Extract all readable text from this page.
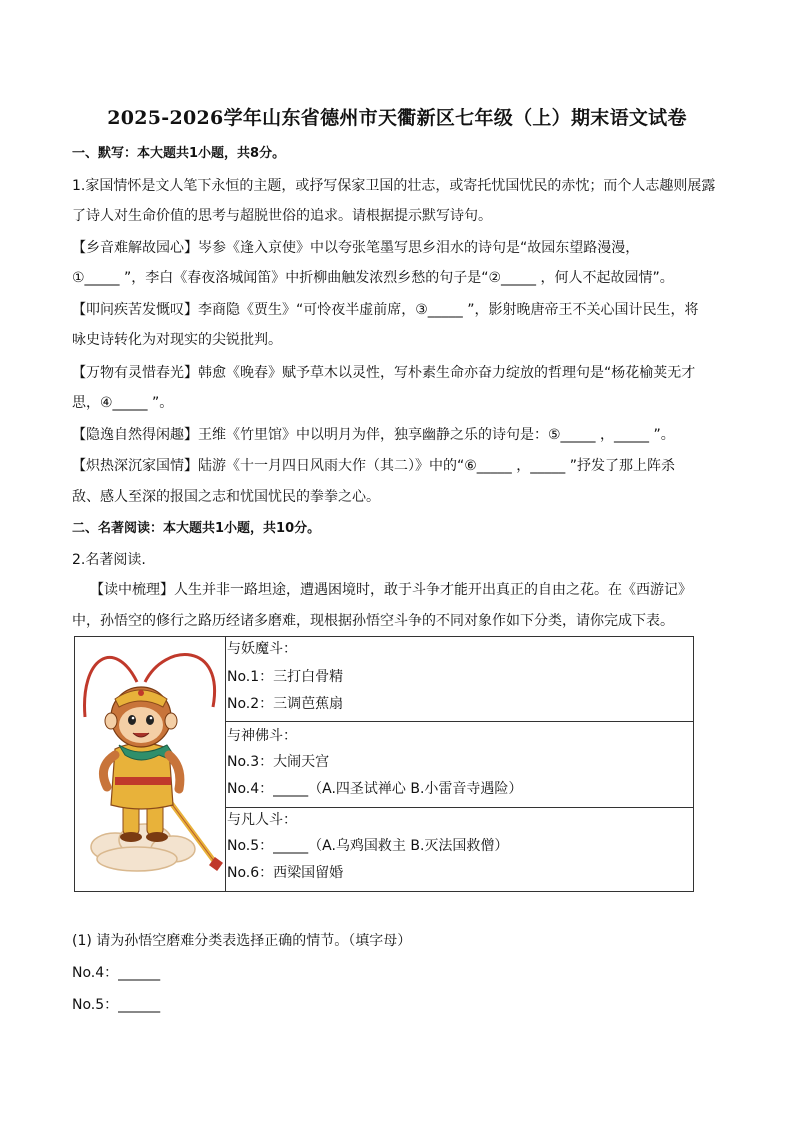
2025-2026学年山东省德州市天衢新区七年级（上）期末语文试卷
一、默写：本大题共1小题，共8分。
1.家国情怀是文人笔下永恒的主题，或抒写保家卫国的壮志，或寄托忧国忧民的赤忱；而个人志趣则展露
了诗人对生命价值的思考与超脱世俗的追求。请根据提示默写诗句。
【乡音难解故园心】岑参《逢入京使》中以夸张笔墨写思乡泪水的诗句是“故园东望路漫漫，
①_____ ”，李白《春夜洛城闻笛》中折柳曲触发浓烈乡愁的句子是“②_____ ，何人不起故园情”。
【叩问疾苦发慨叹】李商隐《贾生》“可怜夜半虚前席，③_____ ”，影射晚唐帝王不关心国计民生，将
咏史诗转化为对现实的尖锐批判。
【万物有灵惜春光】韩愈《晚春》赋予草木以灵性，写朴素生命亦奋力绽放的哲理句是“杨花榆荚无才
思，④_____ ”。
【隐逸自然得闲趣】王维《竹里馆》中以明月为伴，独享幽静之乐的诗句是：⑤_____ ，_____ ”。
【炽热深沉家国情】陆游《十一月四日风雨大作（其二）》中的“⑥_____ ，_____ ”抒发了那上阵杀
敌、感人至深的报国之志和忧国忧民的拳拳之心。
二、名著阅读：本大题共1小题，共10分。
2.名著阅读.
【读中梳理】人生并非一路坦途，遭遇困境时，敢于斗争才能开出真正的自由之花。在《西游记》
中，孙悟空的修行之路历经诸多磨难，现根据孙悟空斗争的不同对象作如下分类，请你完成下表。
与妖魔斗：
No.1：三打白骨精
No.2：三调芭蕉扇
与神佛斗：
No.3：大闹天宫
No.4：_____（A.四圣试禅心 B.小雷音寺遇险）
与凡人斗：
No.5：_____（A.乌鸡国救主 B.灭法国救僧）
No.6：西梁国留婚
(1) 请为孙悟空磨难分类表选择正确的情节。（填字母）
No.4：______
No.5：______
